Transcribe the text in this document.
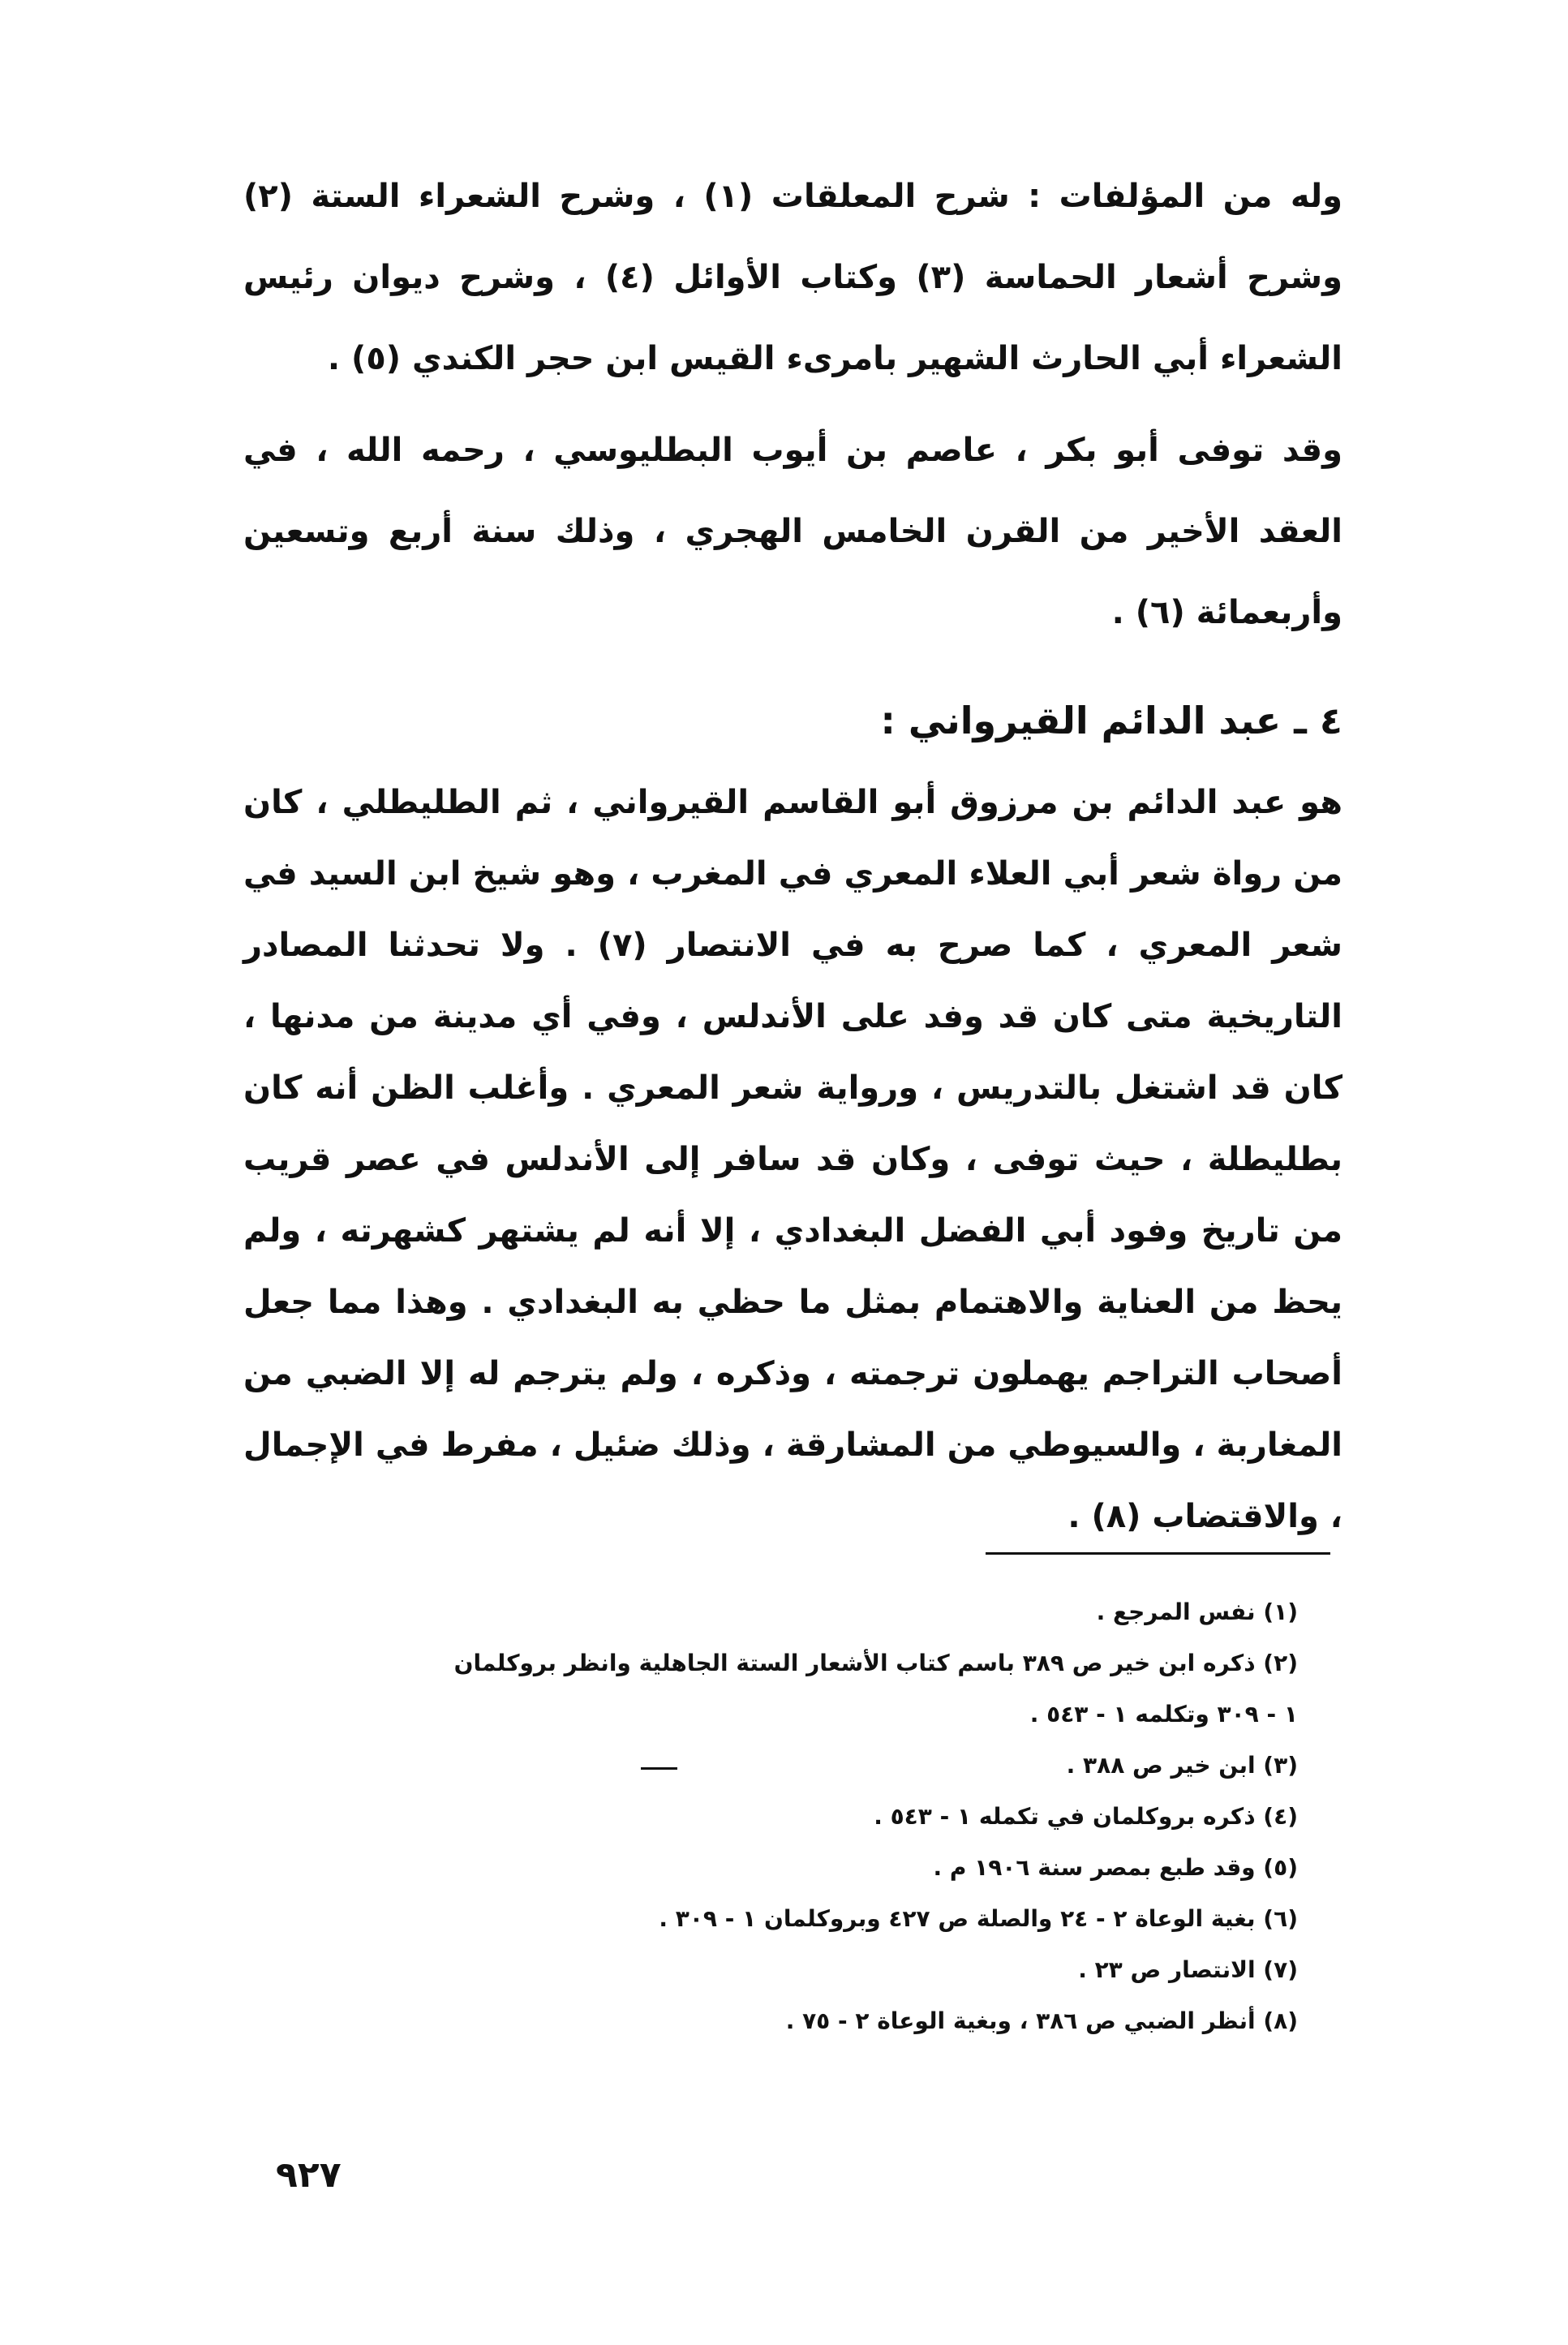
وله من المؤلفات : شرح المعلقات (١) ، وشرح الشعراء الستة (٢) وشرح أشعار الحماسة (٣) وكتاب الأوائل (٤) ، وشرح ديوان رئيس الشعراء أبي الحارث الشهير بامرىء القيس ابن حجر الكندي (٥) .

وقد توفى أبو بكر ، عاصم بن أيوب البطليوسي ، رحمه الله ، في العقد الأخير من القرن الخامس الهجري ، وذلك سنة أربع وتسعين وأربعمائة (٦) .

٤ ـ عبد الدائم القيرواني :

هو عبد الدائم بن مرزوق أبو القاسم القيرواني ، ثم الطليطلي ، كان من رواة شعر أبي العلاء المعري في المغرب ، وهو شيخ ابن السيد في شعر المعري ، كما صرح به في الانتصار (٧) . ولا تحدثنا المصادر التاريخية متى كان قد وفد على الأندلس ، وفي أي مدينة من مدنها ، كان قد اشتغل بالتدريس ، ورواية شعر المعري . وأغلب الظن أنه كان بطليطلة ، حيث توفى ، وكان قد سافر إلى الأندلس في عصر قريب من تاريخ وفود أبي الفضل البغدادي ، إلا أنه لم يشتهر كشهرته ، ولم يحظ من العناية والاهتمام بمثل ما حظي به البغدادي . وهذا مما جعل أصحاب التراجم يهملون ترجمته ، وذكره ، ولم يترجم له إلا الضبي من المغاربة ، والسيوطي من المشارقة ، وذلك ضئيل ، مفرط في الإجمال ، والاقتضاب (٨) .

(١) نفس المرجع .
(٢) ذكره ابن خير ص ٣٨٩ باسم كتاب الأشعار الستة الجاهلية وانظر بروكلمان
١ - ٣٠٩ وتكلمه ١ - ٥٤٣ .
(٣) ابن خير ص ٣٨٨ .
(٤) ذكره بروكلمان في تكمله ١ - ٥٤٣ .
(٥) وقد طبع بمصر سنة ١٩٠٦ م .
(٦) بغية الوعاة ٢ - ٢٤ والصلة ص ٤٢٧ وبروكلمان ١ - ٣٠٩ .
(٧) الانتصار ص ٢٣ .
(٨) أنظر الضبي ص ٣٨٦ ، وبغية الوعاة ٢ - ٧٥ .
٩٢٧
